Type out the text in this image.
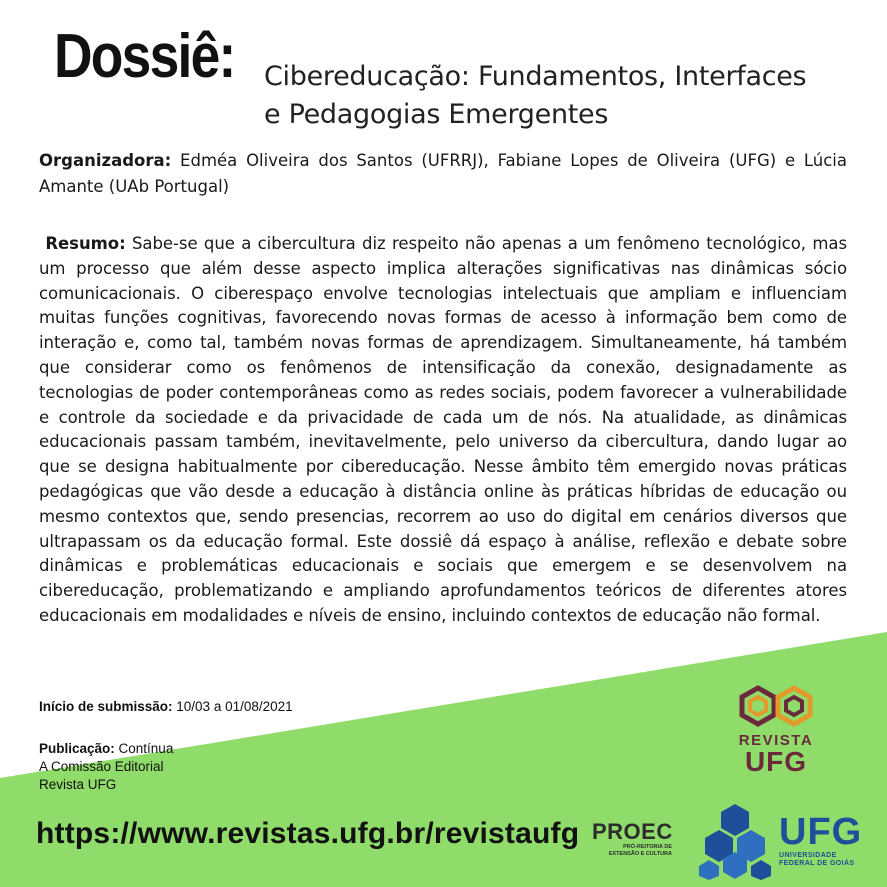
Dossiê: Cibereducação: Fundamentos, Interfaces
e Pedagogias Emergentes
Organizadora: Edméa Oliveira dos Santos (UFRRJ), Fabiane Lopes de Oliveira (UFG) e Lúcia Amante (UAb Portugal)
Resumo: Sabe-se que a cibercultura diz respeito não apenas a um fenômeno tecnológico, mas um processo que além desse aspecto implica alterações significativas nas dinâmicas sócio comunicacionais. O ciberespaço envolve tecnologias intelectuais que ampliam e influenciam muitas funções cognitivas, favorecendo novas formas de acesso à informação bem como de interação e, como tal, também novas formas de aprendizagem. Simultaneamente, há também que considerar como os fenômenos de intensificação da conexão, designadamente as tecnologias de poder contemporâneas como as redes sociais, podem favorecer a vulnerabilidade e controle da sociedade e da privacidade de cada um de nós. Na atualidade, as dinâmicas educacionais passam também, inevitavelmente, pelo universo da cibercultura, dando lugar ao que se designa habitualmente por cibereducação. Nesse âmbito têm emergido novas práticas pedagógicas que vão desde a educação à distância online às práticas híbridas de educação ou mesmo contextos que, sendo presencias, recorrem ao uso do digital em cenários diversos que ultrapassam os da educação formal. Este dossiê dá espaço à análise, reflexão e debate sobre dinâmicas e problemáticas educacionais e sociais que emergem e se desenvolvem na cibereducação, problematizando e ampliando aprofundamentos teóricos de diferentes atores educacionais em modalidades e níveis de ensino, incluindo contextos de educação não formal.
Início de submissão: 10/03 a 01/08/2021
Publicação: Contínua
A Comissão Editorial
Revista UFG
https://www.revistas.ufg.br/revistaufg
REVISTA
UFG
PROEC
PRÓ-REITORIA DE
EXTENSÃO E CULTURA
UFG
UNIVERSIDADE
FEDERAL DE GOIÁS
